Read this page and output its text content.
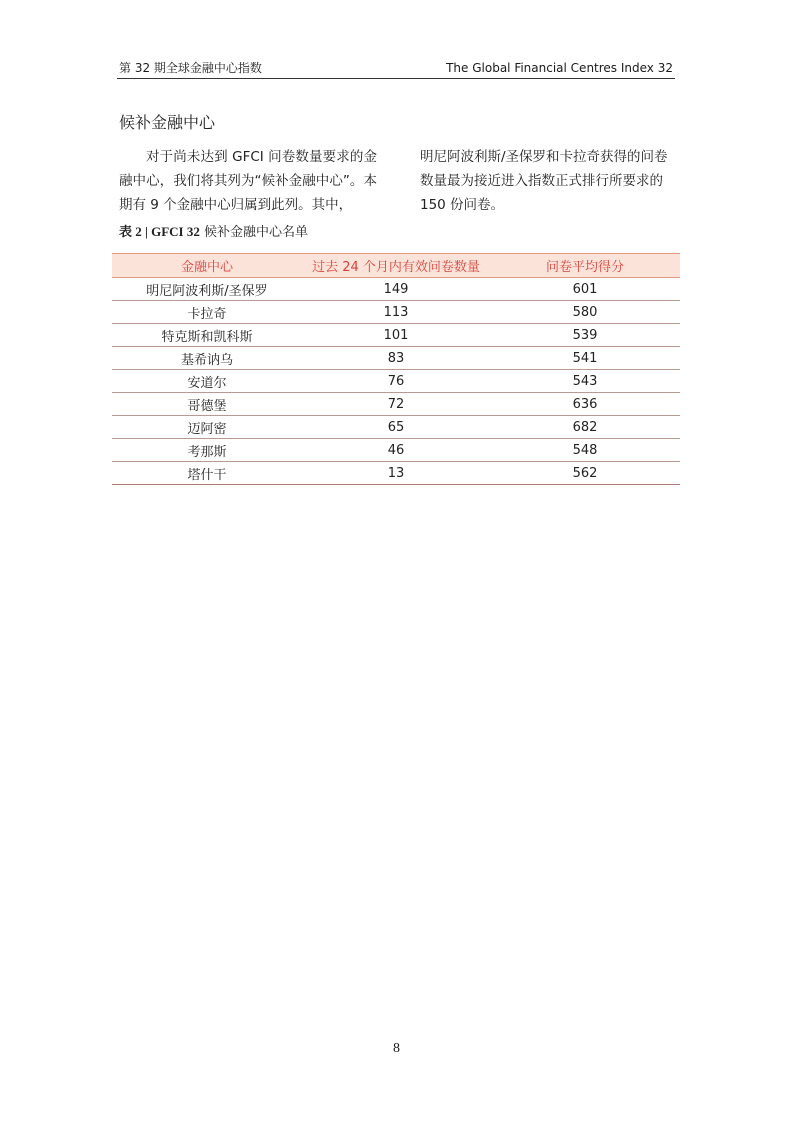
第 32 期全球金融中心指数	The Global Financial Centres Index 32
候补金融中心
对于尚未达到 GFCI 问卷数量要求的金融中心，我们将其列为“候补金融中心”。本期有 9 个金融中心归属到此列。其中，
明尼阿波利斯/圣保罗和卡拉奇获得的问卷数量最为接近进入指数正式排行所要求的 150 份问卷。
表 2 | GFCI 32 候补金融中心名单
金融中心	过去 24 个月内有效问卷数量	问卷平均得分
明尼阿波利斯/圣保罗	149	601
卡拉奇	113	580
特克斯和凯科斯	101	539
基希讷乌	83	541
安道尔	76	543
哥德堡	72	636
迈阿密	65	682
考那斯	46	548
塔什干	13	562
8
